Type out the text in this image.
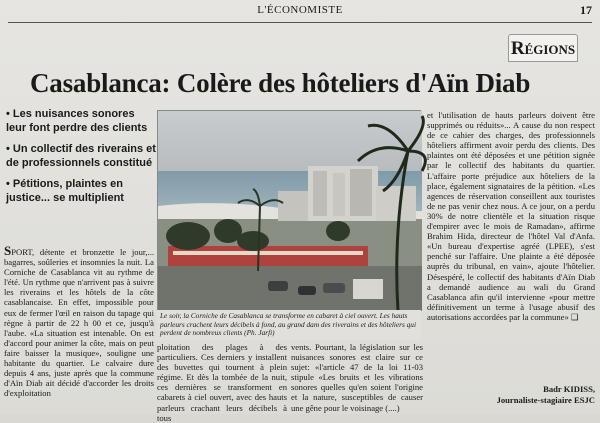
L'ÉCONOMISTE	17
Régions
Casablanca: Colère des hôteliers d'Aïn Diab
• Les nuisances sonores leur font perdre des clients
• Un collectif des riverains et de professionnels constitué
• Pétitions, plaintes en justice... se multiplient
Le soir, la Corniche de Casablanca se transforme en cabaret à ciel ouvert. Les hauts parleurs crachent leurs décibels à fond, au grand dam des riverains et des hôteliers qui perdent de nombreux clients (Ph. Jarfi)
SPORT, détente et bronzette le jour,... bagarres, soûleries et insomnies la nuit. La Corniche de Casablanca vit au rythme de l'été. Un rythme que n'arrivent pas à suivre les riverains et les hôtels de la côte casablancaise. En effet, impossible pour eux de fermer l'œil en raison du tapage qui règne à partir de 22 h 00 et ce, jusqu'à l'aube. «La situation est intenable. On est d'accord pour animer la côte, mais on peut faire baisser la musique», souligne une habitante du quartier. Le calvaire dure depuis 4 ans, juste après que la commune d'Aïn Diab ait décidé d'accorder les droits d'exploitation
ploitation des plages à des particuliers. Ces derniers y installent des buvettes qui tournent à plein régime. Et dès la tombée de la nuit, ces dernières se transforment en cabarets à ciel ouvert, avec des hauts parleurs crachant leurs décibels à tous
vents. Pourtant, la législation sur les nuisances sonores est claire sur ce sujet: «l'article 47 de la loi 11-03 stipule «Les bruits et les vibrations sonores quelles qu'en soient l'origine et la nature, susceptibles de causer une gêne pour le voisinage (....)
et l'utilisation de hauts parleurs doivent être supprimés ou réduits»... A cause du non respect de ce cahier des charges, des professionnels hôteliers affirment avoir perdu des clients. Des plaintes ont été déposées et une pétition signée par le collectif des habitants du quartier. L'affaire porte préjudice aux hôteliers de la place, également signataires de la pétition. «Les agences de réservation conseillent aux touristes de ne pas venir chez nous. A ce jour, on a perdu 30% de notre clientèle et la situation risque d'empirer avec le mois de Ramadan», affirme Brahim Hida, directeur de l'hôtel Val d'Anfa. «Un bureau d'expertise agréé (LPEE), s'est penché sur l'affaire. Une plainte a été déposée auprès du tribunal, en vain», ajoute l'hôtelier. Désespéré, le collectif des habitants d'Aïn Diab a demandé audience au wali du Grand Casablanca afin qu'il intervienne «pour mettre définitivement un terme à l'usage abusif des autorisations accordées par la commune» ❑
Badr KIDISS,
Journaliste-stagiaire ESJC
